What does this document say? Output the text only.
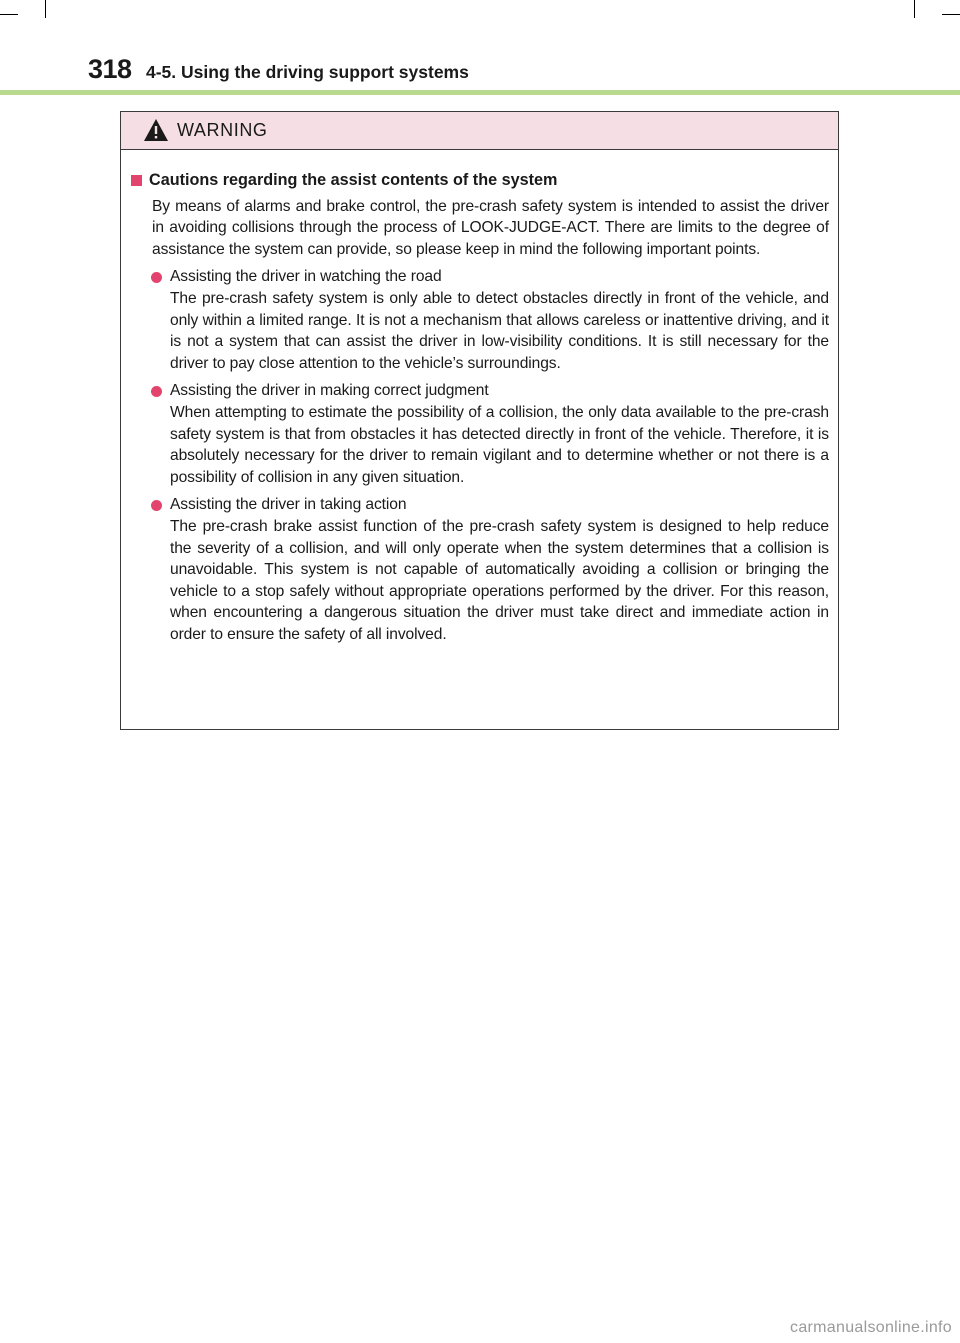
318 4-5. Using the driving support systems
WARNING
Cautions regarding the assist contents of the system
By means of alarms and brake control, the pre-crash safety system is intended to assist the driver in avoiding collisions through the process of LOOK-JUDGE-ACT. There are limits to the degree of assistance the system can provide, so please keep in mind the following important points.
Assisting the driver in watching the road
The pre-crash safety system is only able to detect obstacles directly in front of the vehicle, and only within a limited range. It is not a mechanism that allows careless or inattentive driving, and it is not a system that can assist the driver in low-visibility conditions. It is still necessary for the driver to pay close attention to the vehicle’s surroundings.
Assisting the driver in making correct judgment
When attempting to estimate the possibility of a collision, the only data available to the pre-crash safety system is that from obstacles it has detected directly in front of the vehicle. Therefore, it is absolutely necessary for the driver to remain vigilant and to determine whether or not there is a possibility of collision in any given situation.
Assisting the driver in taking action
The pre-crash brake assist function of the pre-crash safety system is designed to help reduce the severity of a collision, and will only operate when the system determines that a collision is unavoidable. This system is not capable of automatically avoiding a collision or bringing the vehicle to a stop safely without appropriate operations performed by the driver. For this reason, when encountering a dangerous situation the driver must take direct and immediate action in order to ensure the safety of all involved.
carmanualsonline.info
